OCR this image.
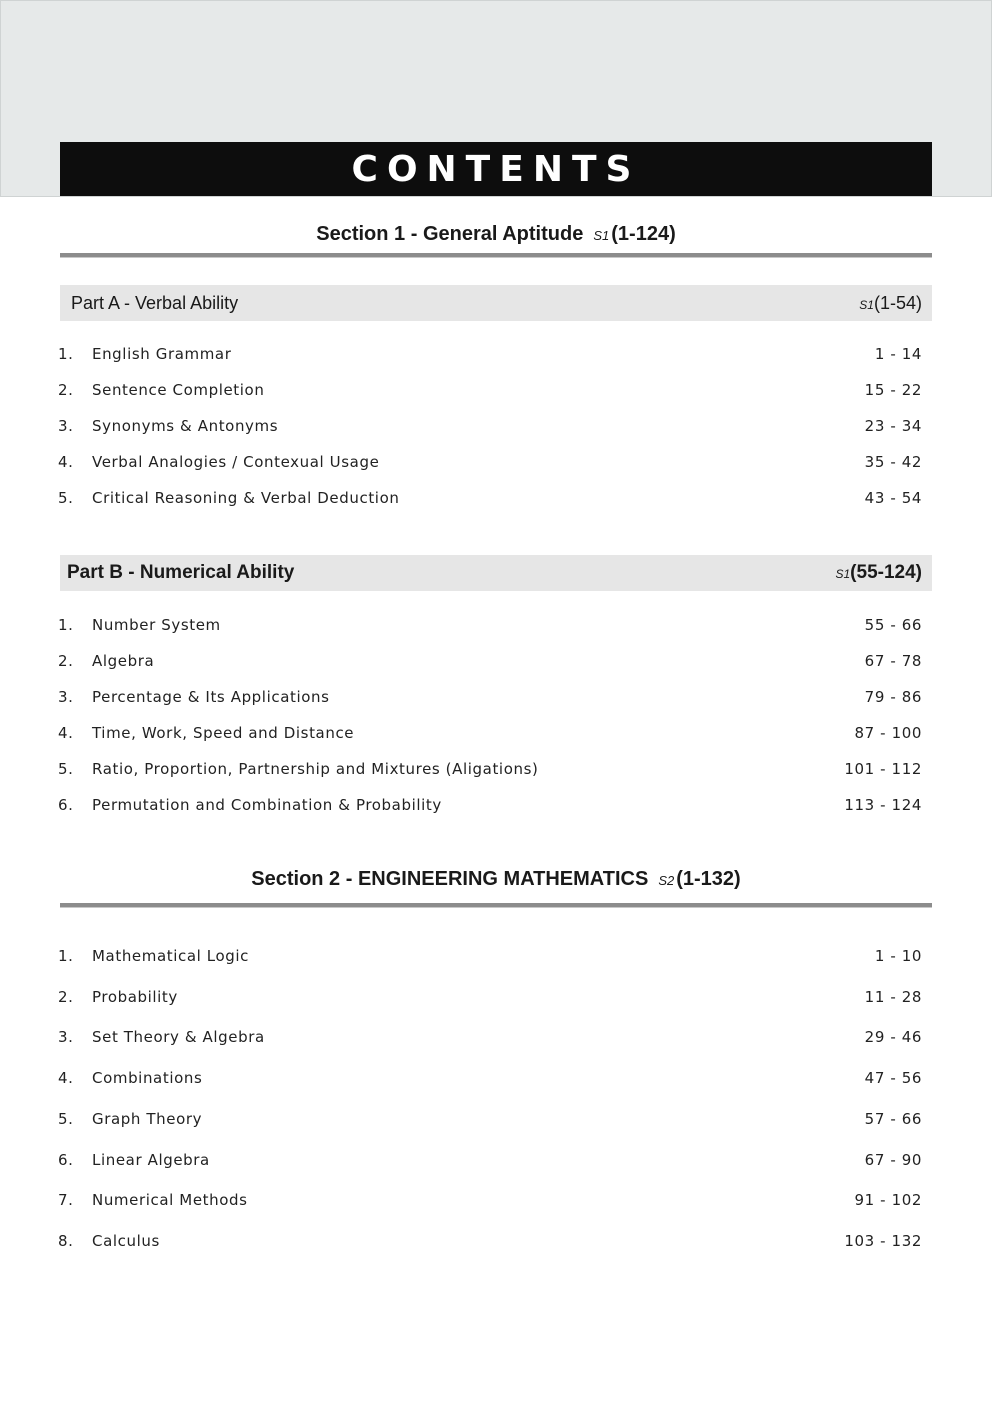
CONTENTS
Section 1 - General Aptitude S1 (1-124)
Part A - Verbal Ability	S1(1-54)
1.	English Grammar	1 - 14
2.	Sentence Completion	15 - 22
3.	Synonyms & Antonyms	23 - 34
4.	Verbal Analogies / Contexual Usage	35 - 42
5.	Critical Reasoning & Verbal Deduction	43 - 54
Part B - Numerical Ability	S1(55-124)
1.	Number System	55 - 66
2.	Algebra	67 - 78
3.	Percentage & Its Applications	79 - 86
4.	Time, Work, Speed and Distance	87 - 100
5.	Ratio, Proportion, Partnership and Mixtures (Aligations)	101 - 112
6.	Permutation and Combination & Probability	113 - 124
Section 2 - ENGINEERING MATHEMATICS S2 (1-132)
1.	Mathematical Logic	1 - 10
2.	Probability	11 - 28
3.	Set Theory & Algebra	29 - 46
4.	Combinations	47 - 56
5.	Graph Theory	57 - 66
6.	Linear Algebra	67 - 90
7.	Numerical Methods	91 - 102
8.	Calculus	103 - 132
